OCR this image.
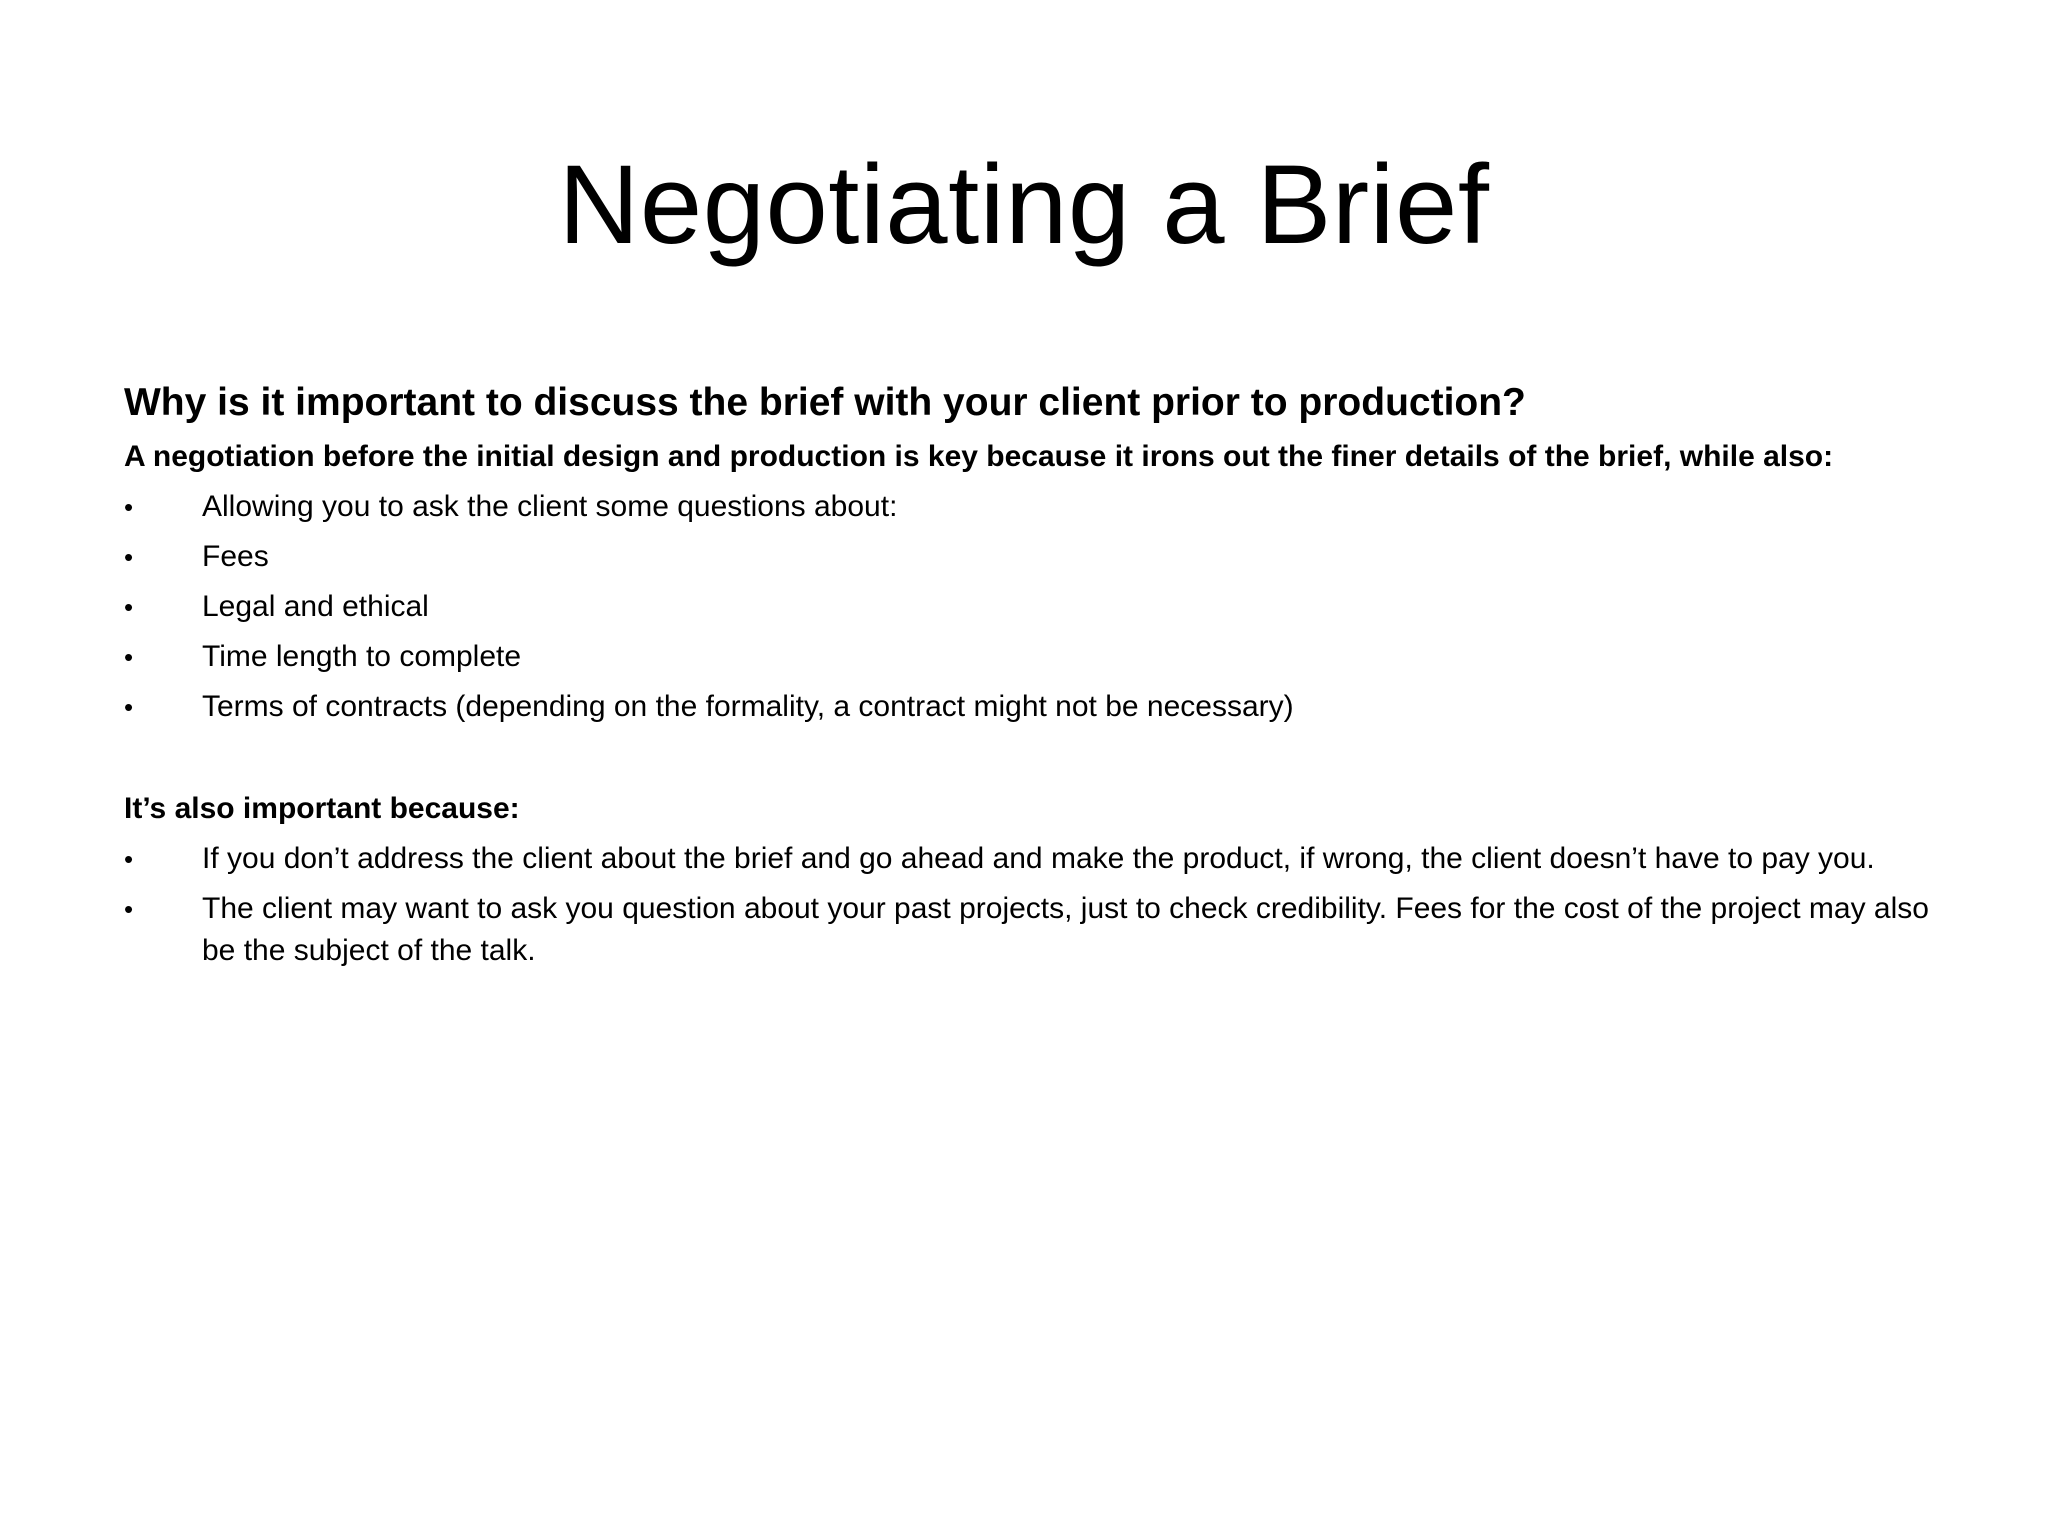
Negotiating a Brief
Why is it important to discuss the brief with your client prior to production?
A negotiation before the initial design and production is key because it irons out the finer details of the brief, while also:
•	Allowing you to ask the client some questions about:
•	Fees
•	Legal and ethical
•	Time length to complete
•	Terms of contracts (depending on the formality, a contract might not be necessary)
It’s also important because:
•	If you don’t address the client about the brief and go ahead and make the product, if wrong, the client doesn’t have to pay you.
•	The client may want to ask you question about your past projects, just to check credibility. Fees for the cost of the project may also be the subject of the talk.
